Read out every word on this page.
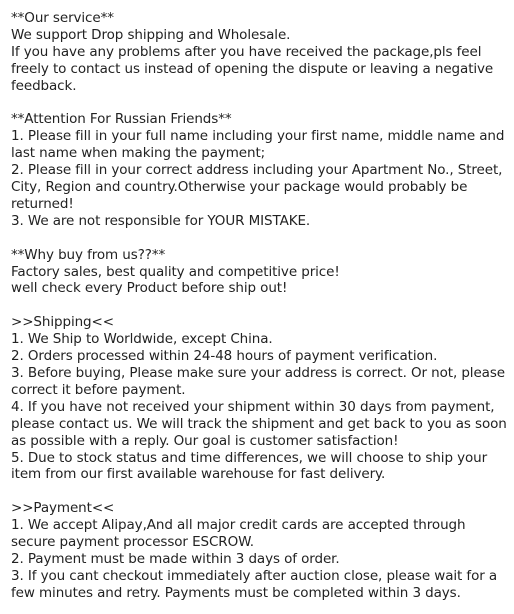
**Our service**
We support Drop shipping and Wholesale.
If you have any problems after you have received the package,pls feel freely to contact us instead of opening the dispute or leaving a negative feedback.
**Attention For Russian Friends**
1. Please fill in your full name including your first name, middle name and last name when making the payment;
2. Please fill in your correct address including your Apartment No., Street, City, Region and country.Otherwise your package would probably be returned!
3. We are not responsible for YOUR MISTAKE.
**Why buy from us??**
Factory sales, best quality and competitive price!
well check every Product before ship out!
>>Shipping<<
1. We Ship to Worldwide, except China.
2. Orders processed within 24-48 hours of payment verification.
3. Before buying, Please make sure your address is correct. Or not, please correct it before payment.
4. If you have not received your shipment within 30 days from payment, please contact us. We will track the shipment and get back to you as soon as possible with a reply. Our goal is customer satisfaction!
5. Due to stock status and time differences, we will choose to ship your item from our first available warehouse for fast delivery.
>>Payment<<
1. We accept Alipay,And all major credit cards are accepted through secure payment processor ESCROW.
2. Payment must be made within 3 days of order.
3. If you cant checkout immediately after auction close, please wait for a few minutes and retry. Payments must be completed within 3 days.
